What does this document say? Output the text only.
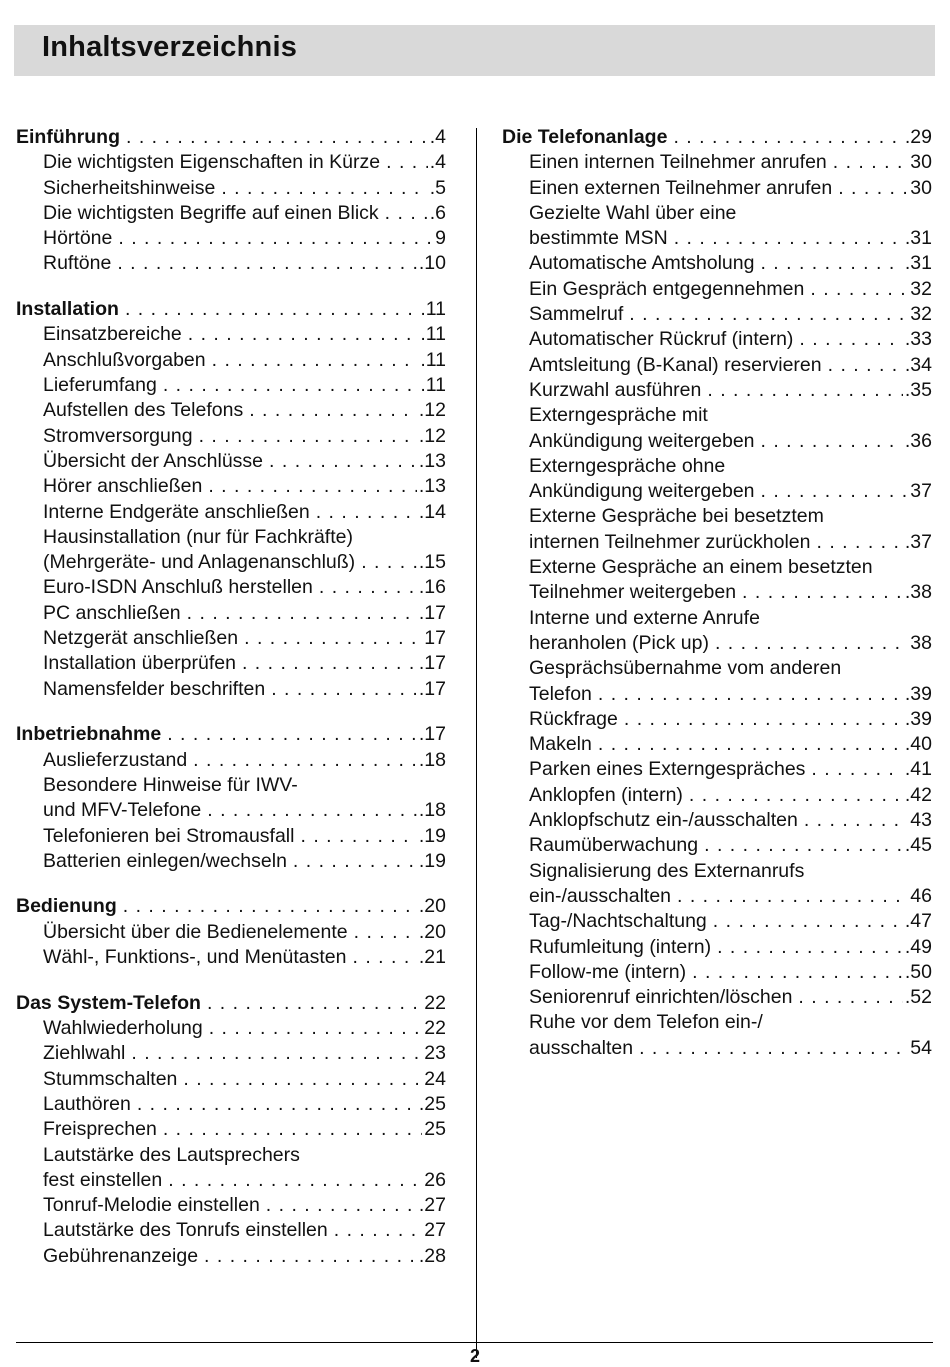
Inhaltsverzeichnis
Einführung . . .	.4
Die wichtigsten Eigenschaften in Kürze . . .	.4
Sicherheitshinweise . . .	.5
Die wichtigsten Begriffe auf einen Blick . . .	.6
Hörtöne . . .	9
Ruftöne . . .	.10
Installation . . .	.11
Einsatzbereiche . . .	.11
Anschlußvorgaben . . .	.11
Lieferumfang . . .	.11
Aufstellen des Telefons . . .	.12
Stromversorgung . . .	.12
Übersicht der Anschlüsse . . .	.13
Hörer anschließen . . .	.13
Interne Endgeräte anschließen . . .	.14
Hausinstallation (nur für Fachkräfte)
(Mehrgeräte- und Anlagenanschluß) . . .	.15
Euro-ISDN Anschluß herstellen . . .	.16
PC anschließen . . .	.17
Netzgerät anschließen . . .	17
Installation überprüfen . . .	.17
Namensfelder beschriften . . .	.17
Inbetriebnahme . . .	.17
Auslieferzustand . . .	.18
Besondere Hinweise für IWV-
und MFV-Telefone . . .	.18
Telefonieren bei Stromausfall . . .	.19
Batterien einlegen/wechseln . . .	.19
Bedienung . . .	.20
Übersicht über die Bedienelemente . . .	.20
Wähl-, Funktions-, und Menütasten . . .	.21
Das System-Telefon . . .	22
Wahlwiederholung . . .	22
Ziehlwahl . . .	23
Stummschalten . . .	24
Lauthören . . .	.25
Freisprechen . . .	25
Lautstärke des Lautsprechers
fest einstellen . . .	26
Tonruf-Melodie einstellen . . .	.27
Lautstärke des Tonrufs einstellen . . .	27
Gebührenanzeige . . .	.28
Die Telefonanlage . . .	.29
Einen internen Teilnehmer anrufen . . .	30
Einen externen Teilnehmer anrufen . . .	30
Gezielte Wahl über eine
bestimmte MSN . . .	.31
Automatische Amtsholung . . .	.31
Ein Gespräch entgegennehmen . . .	32
Sammelruf . . .	32
Automatischer Rückruf (intern) . . .	.33
Amtsleitung (B-Kanal) reservieren . . .	.34
Kurzwahl ausführen . . .	.35
Externgespräche mit
Ankündigung weitergeben . . .	.36
Externgespräche ohne
Ankündigung weitergeben . . .	37
Externe Gespräche bei besetztem
internen Teilnehmer zurückholen . . .	.37
Externe Gespräche an einem besetzten
Teilnehmer weitergeben . . .	.38
Interne und externe Anrufe
heranholen (Pick up) . . .	38
Gesprächsübernahme vom anderen
Telefon . . .	.39
Rückfrage . . .	.39
Makeln . . .	.40
Parken eines Externgespräches . . .	.41
Anklopfen (intern) . . .	.42
Anklopfschutz ein-/ausschalten . . .	43
Raumüberwachung . . .	.45
Signalisierung des Externanrufs
ein-/ausschalten . . .	46
Tag-/Nachtschaltung . . .	.47
Rufumleitung (intern) . . .	.49
Follow-me (intern) . . .	.50
Seniorenruf einrichten/löschen . . .	.52
Ruhe vor dem Telefon ein-/
ausschalten . . .	54
2
